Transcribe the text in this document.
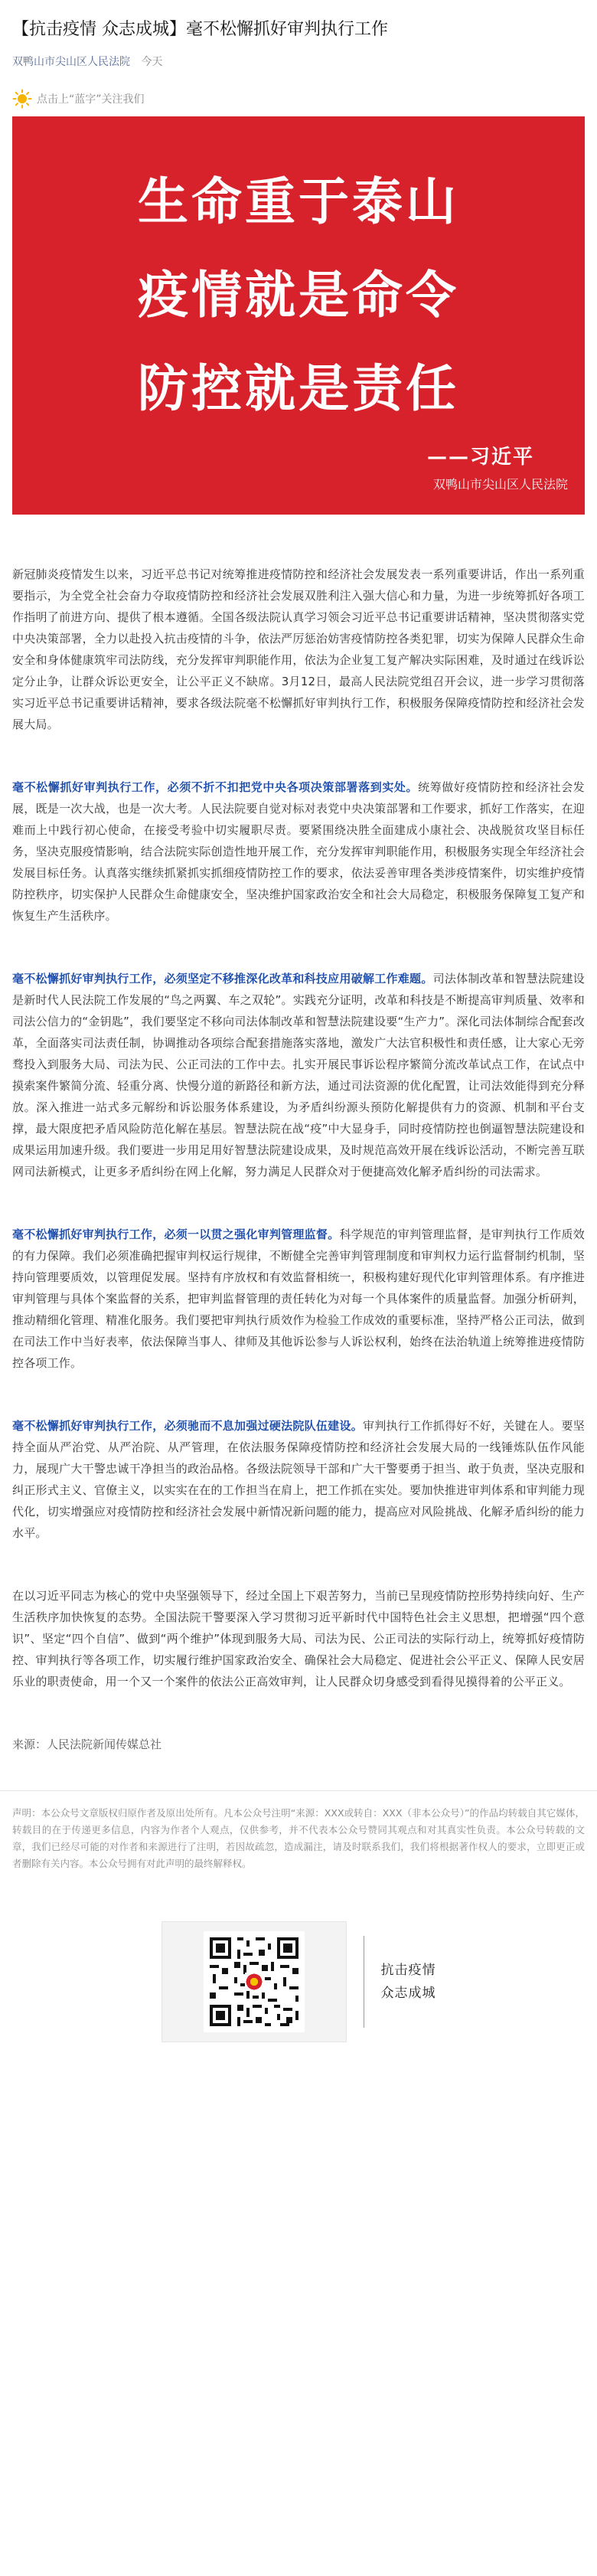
【抗击疫情 众志成城】毫不松懈抓好审判执行工作
双鸭山市尖山区人民法院 今天
点击上“蓝字”关注我们
生命重于泰山
疫情就是命令
防控就是责任
——习近平
双鸭山市尖山区人民法院

新冠肺炎疫情发生以来，习近平总书记对统筹推进疫情防控和经济社会发展发表一系列重要讲话，作出一系列重要指示，为全党全社会奋力夺取疫情防控和经济社会发展双胜利注入强大信心和力量，为进一步统筹抓好各项工作指明了前进方向、提供了根本遵循。全国各级法院认真学习领会习近平总书记重要讲话精神，坚决贯彻落实党中央决策部署，全力以赴投入抗击疫情的斗争，依法严厉惩治妨害疫情防控各类犯罪，切实为保障人民群众生命安全和身体健康筑牢司法防线，充分发挥审判职能作用，依法为企业复工复产解决实际困难，及时通过在线诉讼定分止争，让群众诉讼更安全，让公平正义不缺席。3月12日，最高人民法院党组召开会议，进一步学习贯彻落实习近平总书记重要讲话精神，要求各级法院毫不松懈抓好审判执行工作，积极服务保障疫情防控和经济社会发展大局。

毫不松懈抓好审判执行工作，必须不折不扣把党中央各项决策部署落到实处。统筹做好疫情防控和经济社会发展，既是一次大战，也是一次大考。人民法院要自觉对标对表党中央决策部署和工作要求，抓好工作落实，在迎难而上中践行初心使命，在接受考验中切实履职尽责。要紧围绕决胜全面建成小康社会、决战脱贫攻坚目标任务，坚决克服疫情影响，结合法院实际创造性地开展工作，充分发挥审判职能作用，积极服务实现全年经济社会发展目标任务。认真落实继续抓紧抓实抓细疫情防控工作的要求，依法妥善审理各类涉疫情案件，切实维护疫情防控秩序，切实保护人民群众生命健康安全，坚决维护国家政治安全和社会大局稳定，积极服务保障复工复产和恢复生产生活秩序。

毫不松懈抓好审判执行工作，必须坚定不移推深化改革和科技应用破解工作难题。司法体制改革和智慧法院建设是新时代人民法院工作发展的“鸟之两翼、车之双轮”。实践充分证明，改革和科技是不断提高审判质量、效率和司法公信力的“金钥匙”，我们要坚定不移向司法体制改革和智慧法院建设要“生产力”。深化司法体制综合配套改革，全面落实司法责任制，协调推动各项综合配套措施落实落地，激发广大法官积极性和责任感，让大家心无旁骛投入到服务大局、司法为民、公正司法的工作中去。扎实开展民事诉讼程序繁简分流改革试点工作，在试点中摸索案件繁简分流、轻重分离、快慢分道的新路径和新方法，通过司法资源的优化配置，让司法效能得到充分释放。深入推进一站式多元解纷和诉讼服务体系建设，为矛盾纠纷源头预防化解提供有力的资源、机制和平台支撑，最大限度把矛盾风险防范化解在基层。智慧法院在战“疫”中大显身手，同时疫情防控也倒逼智慧法院建设和成果运用加速升级。我们要进一步用足用好智慧法院建设成果，及时规范高效开展在线诉讼活动，不断完善互联网司法新模式，让更多矛盾纠纷在网上化解，努力满足人民群众对于便捷高效化解矛盾纠纷的司法需求。

毫不松懈抓好审判执行工作，必须一以贯之强化审判管理监督。科学规范的审判管理监督，是审判执行工作质效的有力保障。我们必须准确把握审判权运行规律，不断健全完善审判管理制度和审判权力运行监督制约机制，坚持向管理要质效，以管理促发展。坚持有序放权和有效监督相统一，积极构建好现代化审判管理体系。有序推进审判管理与具体个案监督的关系，把审判监督管理的责任转化为对每一个具体案件的质量监督。加强分析研判，推动精细化管理、精准化服务。我们要把审判执行质效作为检验工作成效的重要标准，坚持严格公正司法，做到在司法工作中当好表率，依法保障当事人、律师及其他诉讼参与人诉讼权利，始终在法治轨道上统筹推进疫情防控各项工作。

毫不松懈抓好审判执行工作，必须驰而不息加强过硬法院队伍建设。审判执行工作抓得好不好，关键在人。要坚持全面从严治党、从严治院、从严管理，在依法服务保障疫情防控和经济社会发展大局的一线锤炼队伍作风能力，展现广大干警忠诚干净担当的政治品格。各级法院领导干部和广大干警要勇于担当、敢于负责，坚决克服和纠正形式主义、官僚主义，以实实在在的工作担当在肩上，把工作抓在实处。要加快推进审判体系和审判能力现代化，切实增强应对疫情防控和经济社会发展中新情况新问题的能力，提高应对风险挑战、化解矛盾纠纷的能力水平。

在以习近平同志为核心的党中央坚强领导下，经过全国上下艰苦努力，当前已呈现疫情防控形势持续向好、生产生活秩序加快恢复的态势。全国法院干警要深入学习贯彻习近平新时代中国特色社会主义思想，把增强“四个意识”、坚定“四个自信”、做到“两个维护”体现到服务大局、司法为民、公正司法的实际行动上，统筹抓好疫情防控、审判执行等各项工作，切实履行维护国家政治安全、确保社会大局稳定、促进社会公平正义、保障人民安居乐业的职责使命，用一个又一个案件的依法公正高效审判，让人民群众切身感受到看得见摸得着的公平正义。

来源：人民法院新闻传媒总社
声明：本公众号文章版权归原作者及原出处所有。凡本公众号注明“来源：XXX或转自：XXX（非本公众号）”的作品均转载自其它媒体，转载目的在于传递更多信息，内容为作者个人观点，仅供参考，并不代表本公众号赞同其观点和对其真实性负责。本公众号转载的文章，我们已经尽可能的对作者和来源进行了注明，若因故疏忽，造成漏注，请及时联系我们，我们将根据著作权人的要求，立即更正或者删除有关内容。本公众号拥有对此声明的最终解释权。
抗击疫情
众志成城
